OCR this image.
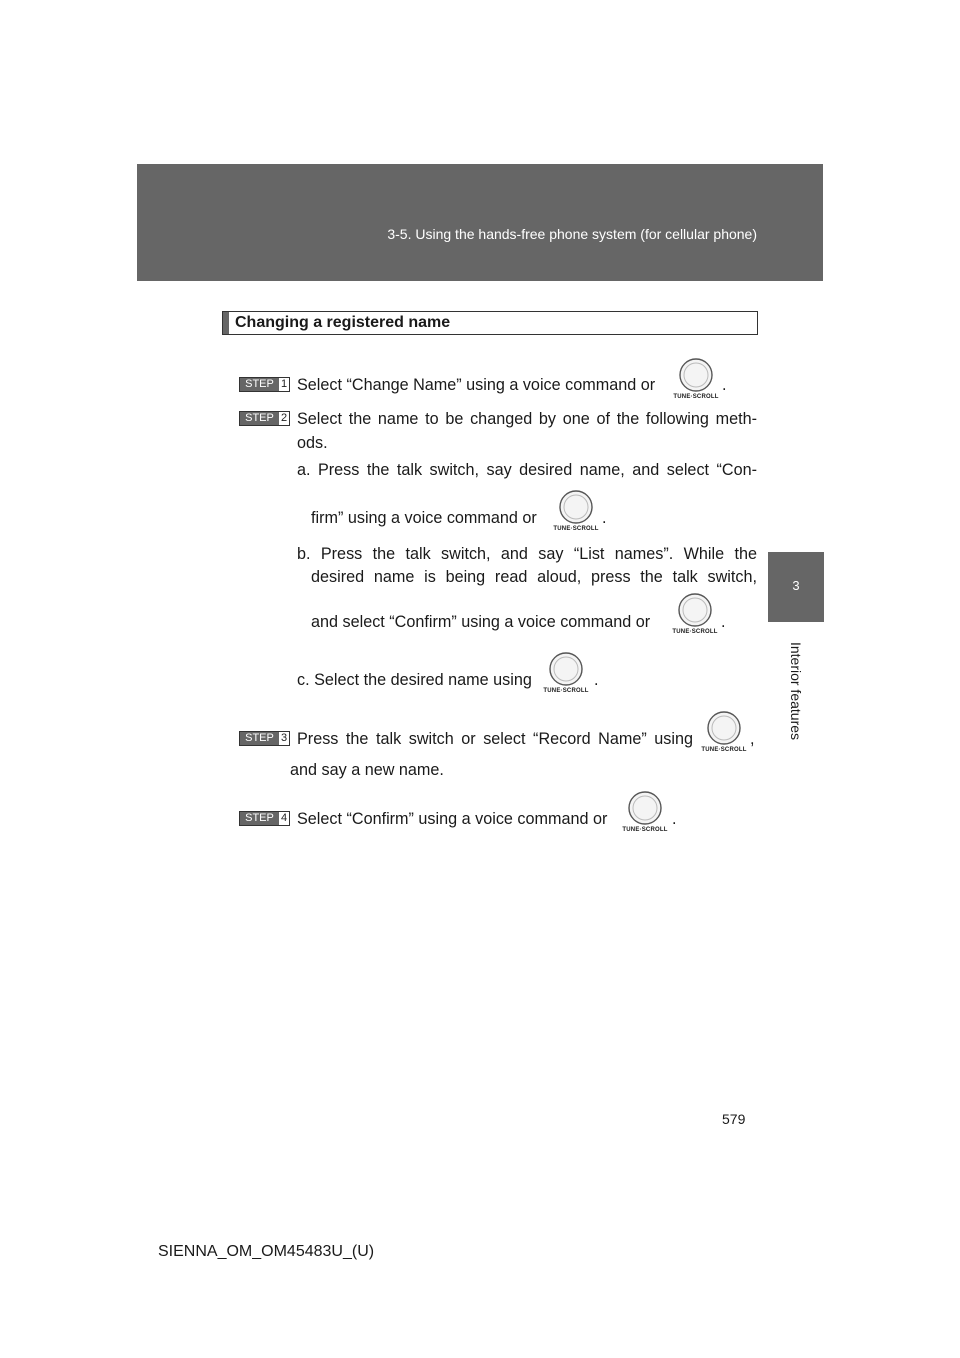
3-5. Using the hands-free phone system (for cellular phone)
3
Interior features
Changing a registered name
STEP 1 Select “Change Name” using a voice command or
TUNE·SCROLL
.
STEP 2 Select the name to be changed by one of the following meth-
ods.
a. Press the talk switch, say desired name, and select “Con-
firm” using a voice command or
TUNE·SCROLL
.
b. Press the talk switch, and say “List names”. While the
desired name is being read aloud, press the talk switch,
and select “Confirm” using a voice command or
TUNE·SCROLL
.
c. Select the desired name using
TUNE·SCROLL
.
STEP 3 Press the talk switch or select “Record Name” using
TUNE·SCROLL
,
and say a new name.
STEP 4 Select “Confirm” using a voice command or
TUNE·SCROLL
.
579
SIENNA_OM_OM45483U_(U)
